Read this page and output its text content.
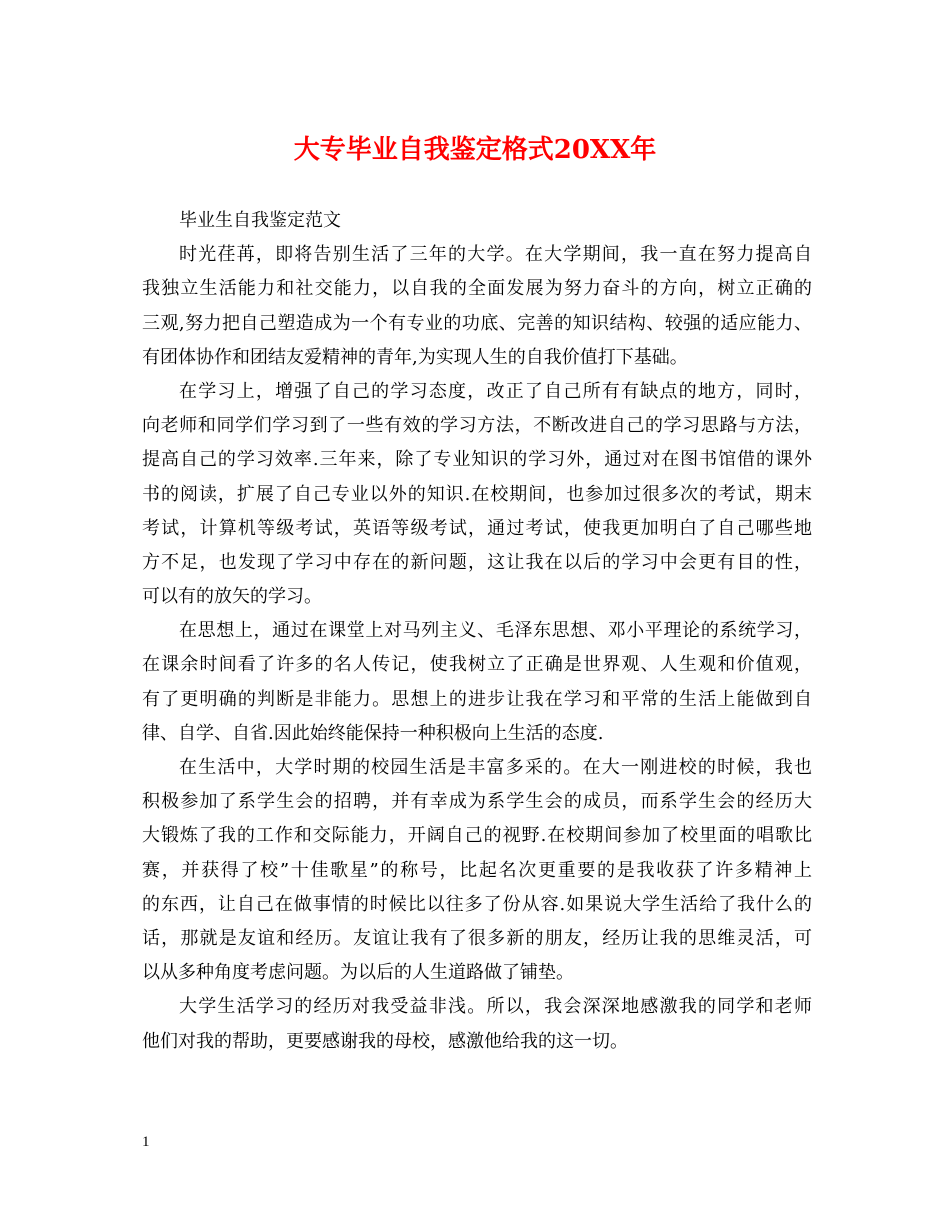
大专毕业自我鉴定格式20XX年
毕业生自我鉴定范文
时光荏苒，即将告别生活了三年的大学。在大学期间，我一直在努力提高自
我独立生活能力和社交能力，以自我的全面发展为努力奋斗的方向，树立正确的
三观,努力把自己塑造成为一个有专业的功底、完善的知识结构、较强的适应能力、
有团体协作和团结友爱精神的青年,为实现人生的自我价值打下基础。
在学习上，增强了自己的学习态度，改正了自己所有有缺点的地方，同时，
向老师和同学们学习到了一些有效的学习方法，不断改进自己的学习思路与方法，
提高自己的学习效率.三年来，除了专业知识的学习外，通过对在图书馆借的课外
书的阅读，扩展了自己专业以外的知识.在校期间，也参加过很多次的考试，期末
考试，计算机等级考试，英语等级考试，通过考试，使我更加明白了自己哪些地
方不足，也发现了学习中存在的新问题，这让我在以后的学习中会更有目的性，
可以有的放矢的学习。
在思想上，通过在课堂上对马列主义、毛泽东思想、邓小平理论的系统学习，
在课余时间看了许多的名人传记，使我树立了正确是世界观、人生观和价值观，
有了更明确的判断是非能力。思想上的进步让我在学习和平常的生活上能做到自
律、自学、自省.因此始终能保持一种积极向上生活的态度.
在生活中，大学时期的校园生活是丰富多采的。在大一刚进校的时候，我也
积极参加了系学生会的招聘，并有幸成为系学生会的成员，而系学生会的经历大
大锻炼了我的工作和交际能力，开阔自己的视野.在校期间参加了校里面的唱歌比
赛，并获得了校”十佳歌星”的称号，比起名次更重要的是我收获了许多精神上
的东西，让自己在做事情的时候比以往多了份从容.如果说大学生活给了我什么的
话，那就是友谊和经历。友谊让我有了很多新的朋友，经历让我的思维灵活，可
以从多种角度考虑问题。为以后的人生道路做了铺垫。
大学生活学习的经历对我受益非浅。所以，我会深深地感激我的同学和老师
他们对我的帮助，更要感谢我的母校，感激他给我的这一切。
1
